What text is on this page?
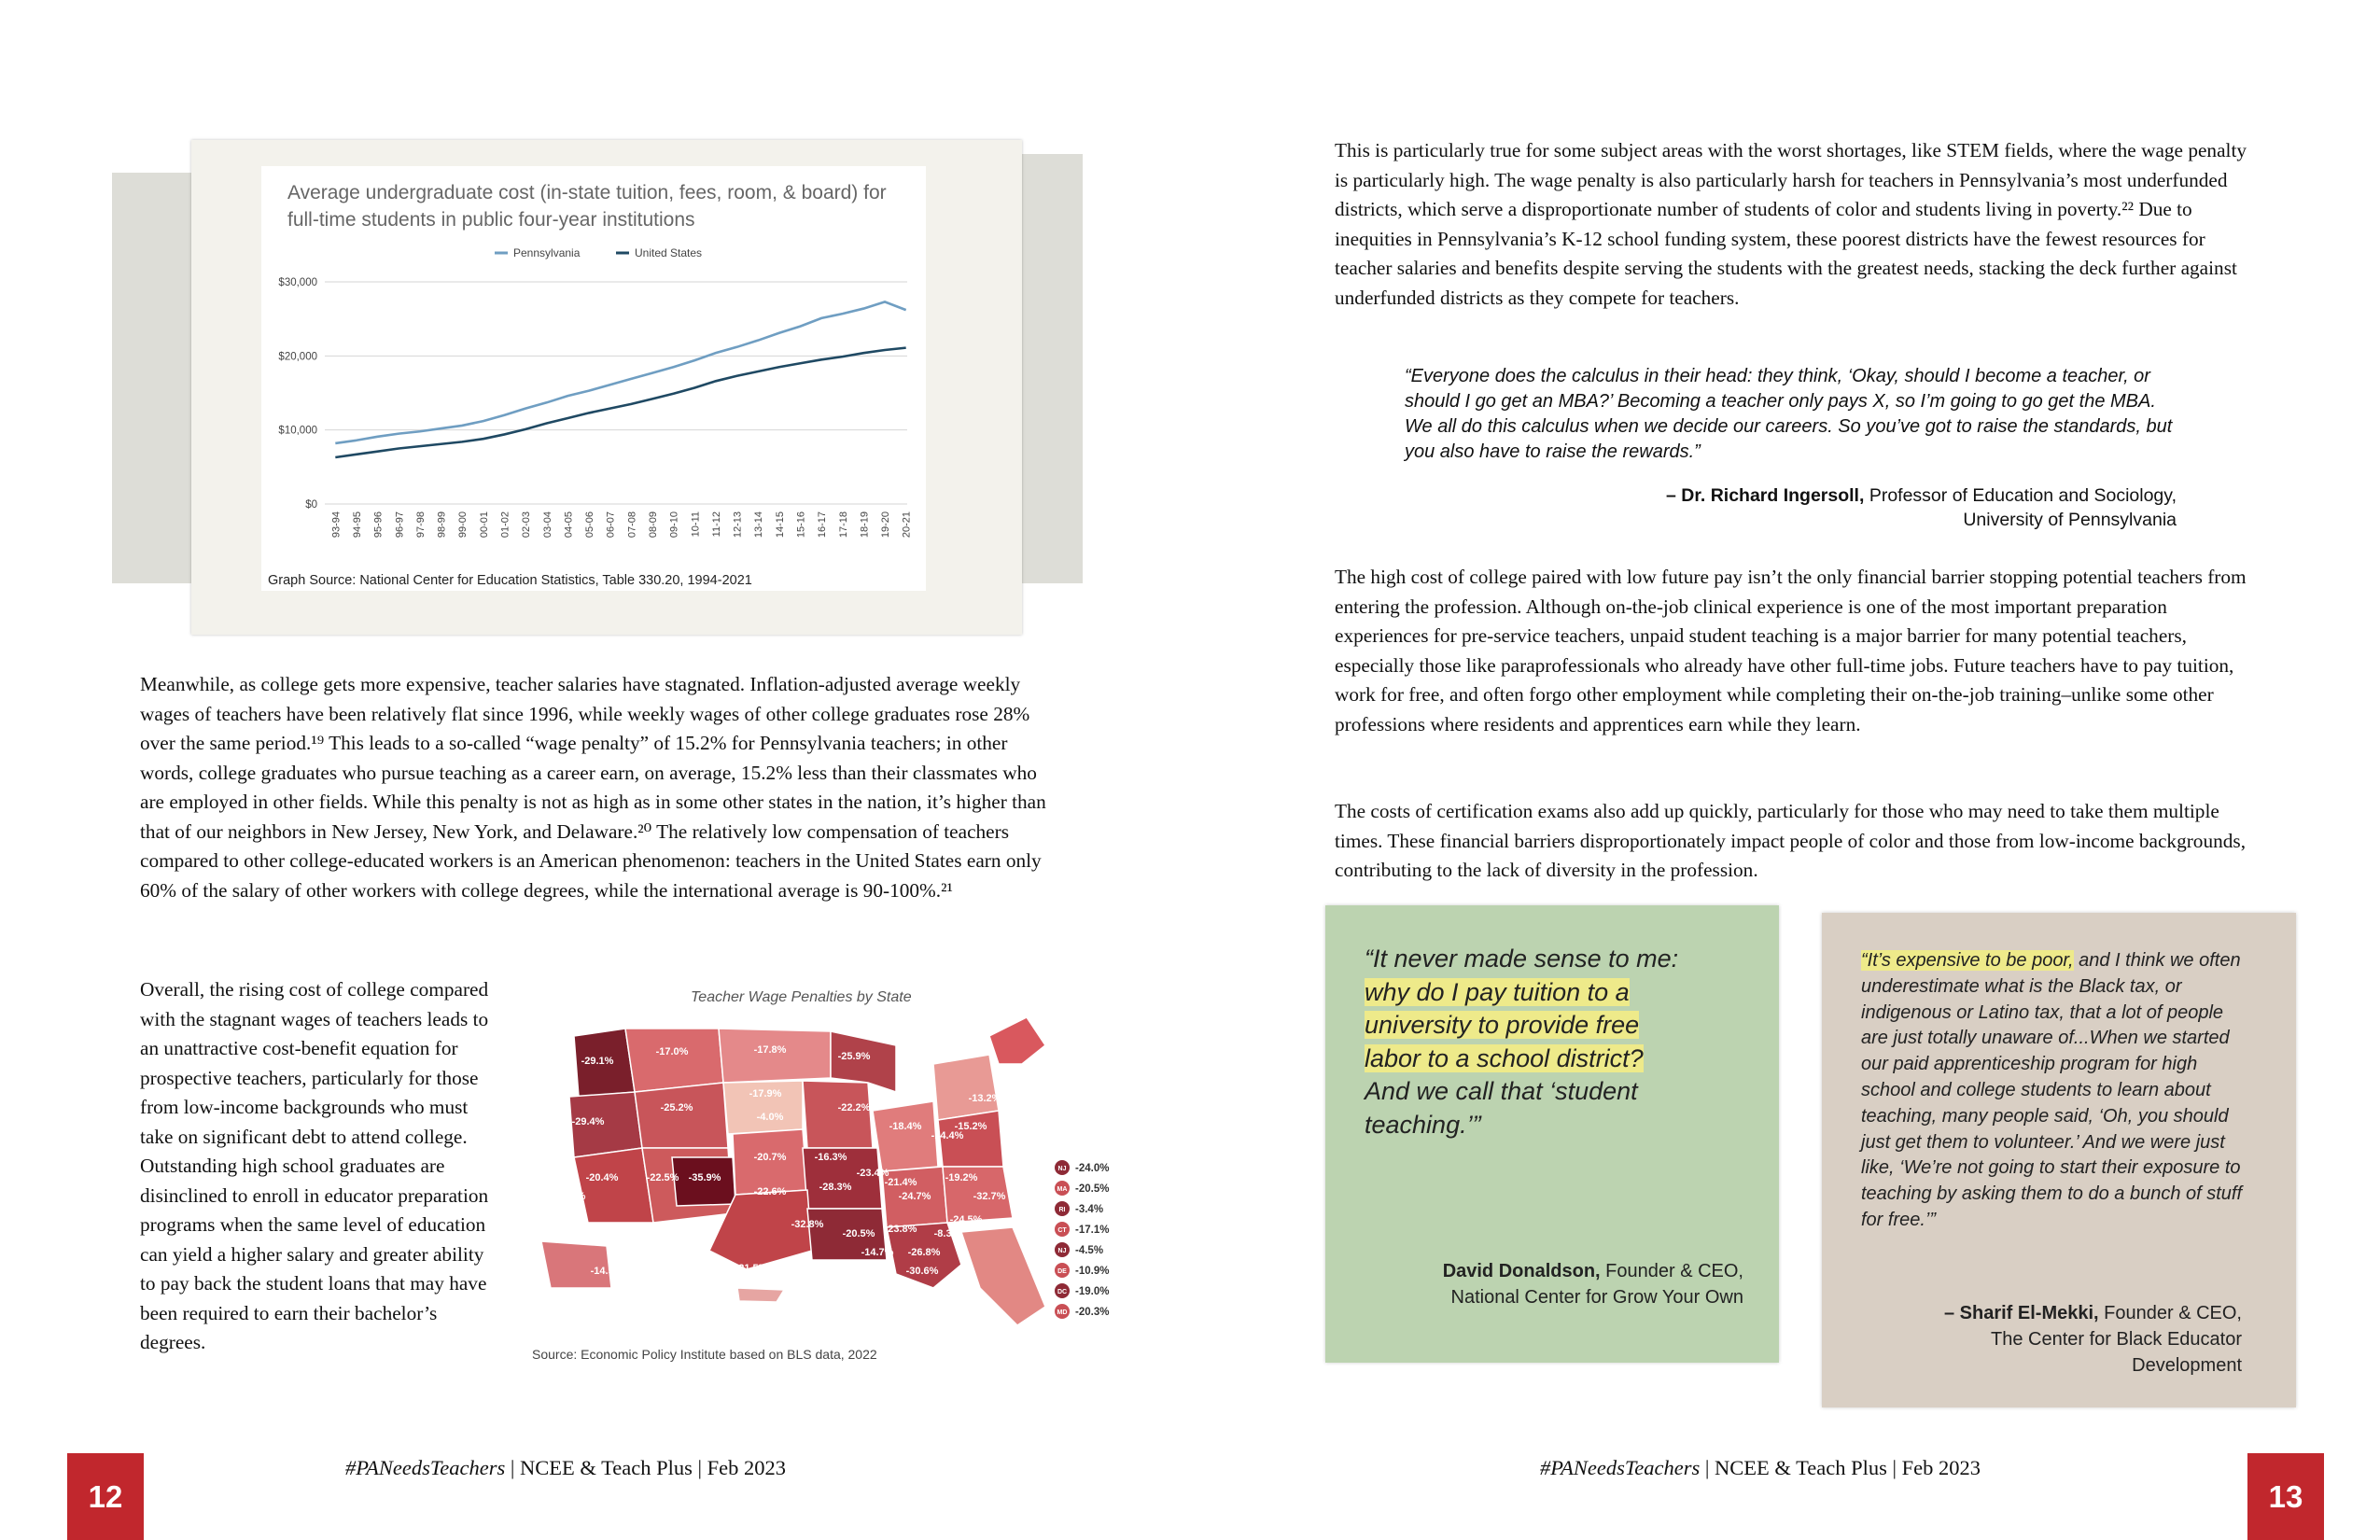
Average undergraduate cost (in-state tuition, fees, room, & board) for full-time students in public four-year institutions
Pennsylvania	United States
$0
$10,000
$20,000
$30,000
93-94 94-95 95-96 96-97 97-98 98-99 99-00 00-01 01-02 02-03 03-04 04-05 05-06 06-07 07-08 08-09 09-10 10-11 11-12 12-13 13-14 14-15 15-16 16-17 17-18 18-19 19-20 20-21
Graph Source: National Center for Education Statistics, Table 330.20, 1994-2021

Meanwhile, as college gets more expensive, teacher salaries have stagnated. Inflation-adjusted average weekly wages of teachers have been relatively flat since 1996, while weekly wages of other college graduates rose 28% over the same period.¹⁹ This leads to a so-called “wage penalty” of 15.2% for Pennsylvania teachers; in other words, college graduates who pursue teaching as a career earn, on average, 15.2% less than their classmates who are employed in other fields. While this penalty is not as high as in some other states in the nation, it’s higher than that of our neighbors in New Jersey, New York, and Delaware.²⁰ The relatively low compensation of teachers compared to other college-educated workers is an American phenomenon: teachers in the United States earn only 60% of the salary of other workers with college degrees, while the international average is 90-100%.²¹

Overall, the rising cost of college compared with the stagnant wages of teachers leads to an unattractive cost-benefit equation for prospective teachers, particularly for those from low-income backgrounds who must take on significant debt to attend college. Outstanding high school graduates are disinclined to enroll in educator preparation programs when the same level of education can yield a higher salary and greater ability to pay back the student loans that may have been required to earn their bachelor’s degrees.

Teacher Wage Penalties by State
-29.1%
-29.4%
-17.0%	-17.8%
-25.9%
-17.9%
-4.0%
-25.2%	-22.2%
-20.4%	-22.5% -35.9%
-20.7%	-16.3%
-18.4%
-14.4%
-15.2%
-13.2%
-17.6%	-22.6%	-28.3%
-23.4%
-21.4%
-24.7%
-19.2%
-32.7%
-24.5%
-32.0%	-27.4%
-32.8%
-20.5% -23.8% -8.3%
-14.7% -26.8%
-30.6%
-21.5%
-27.8%	-19.6%
-14.9%
-15.5%
-19.9%
-13.6%
NJ -24.0%
MA -20.5%
RI -3.4%
CT -17.1%
NJ -4.5%
DE -10.9%
DC -19.0%
MD -20.3%
Source: Economic Policy Institute based on BLS data, 2022

This is particularly true for some subject areas with the worst shortages, like STEM fields, where the wage penalty is particularly high. The wage penalty is also particularly harsh for teachers in Pennsylvania’s most underfunded districts, which serve a disproportionate number of students of color and students living in poverty.²² Due to inequities in Pennsylvania’s K-12 school funding system, these poorest districts have the fewest resources for teacher salaries and benefits despite serving the students with the greatest needs, stacking the deck further against underfunded districts as they compete for teachers.

“Everyone does the calculus in their head: they think, ‘Okay, should I become a teacher, or should I go get an MBA?’ Becoming a teacher only pays X, so I’m going to go get the MBA. We all do this calculus when we decide our careers. So you’ve got to raise the standards, but you also have to raise the rewards.”

– Dr. Richard Ingersoll, Professor of Education and Sociology,
University of Pennsylvania

The high cost of college paired with low future pay isn’t the only financial barrier stopping potential teachers from entering the profession. Although on-the-job clinical experience is one of the most important preparation experiences for pre-service teachers, unpaid student teaching is a major barrier for many potential teachers, especially those like paraprofessionals who already have other full-time jobs. Future teachers have to pay tuition, work for free, and often forgo other employment while completing their on-the-job training–unlike some other professions where residents and apprentices earn while they learn.

The costs of certification exams also add up quickly, particularly for those who may need to take them multiple times. These financial barriers disproportionately impact people of color and those from low-income backgrounds, contributing to the lack of diversity in the profession.

“It never made sense to me:
why do I pay tuition to a
university to provide free
labor to a school district?
And we call that ‘student
teaching.’”
David Donaldson, Founder & CEO,
National Center for Grow Your Own
“It’s expensive to be poor, and I think we often underestimate what is the Black tax, or indigenous or Latino tax, that a lot of people are just totally unaware of...When we started our paid apprenticeship program for high school and college students to learn about teaching, many people said, ‘Oh, you should just get them to volunteer.’ And we were just like, ‘We’re not going to start their exposure to teaching by asking them to do a bunch of stuff for free.’”
– Sharif El-Mekki, Founder & CEO,
The Center for Black Educator
Development
12
#PANeedsTeachers | NCEE & Teach Plus | Feb 2023	#PANeedsTeachers | NCEE & Teach Plus | Feb 2023
13
